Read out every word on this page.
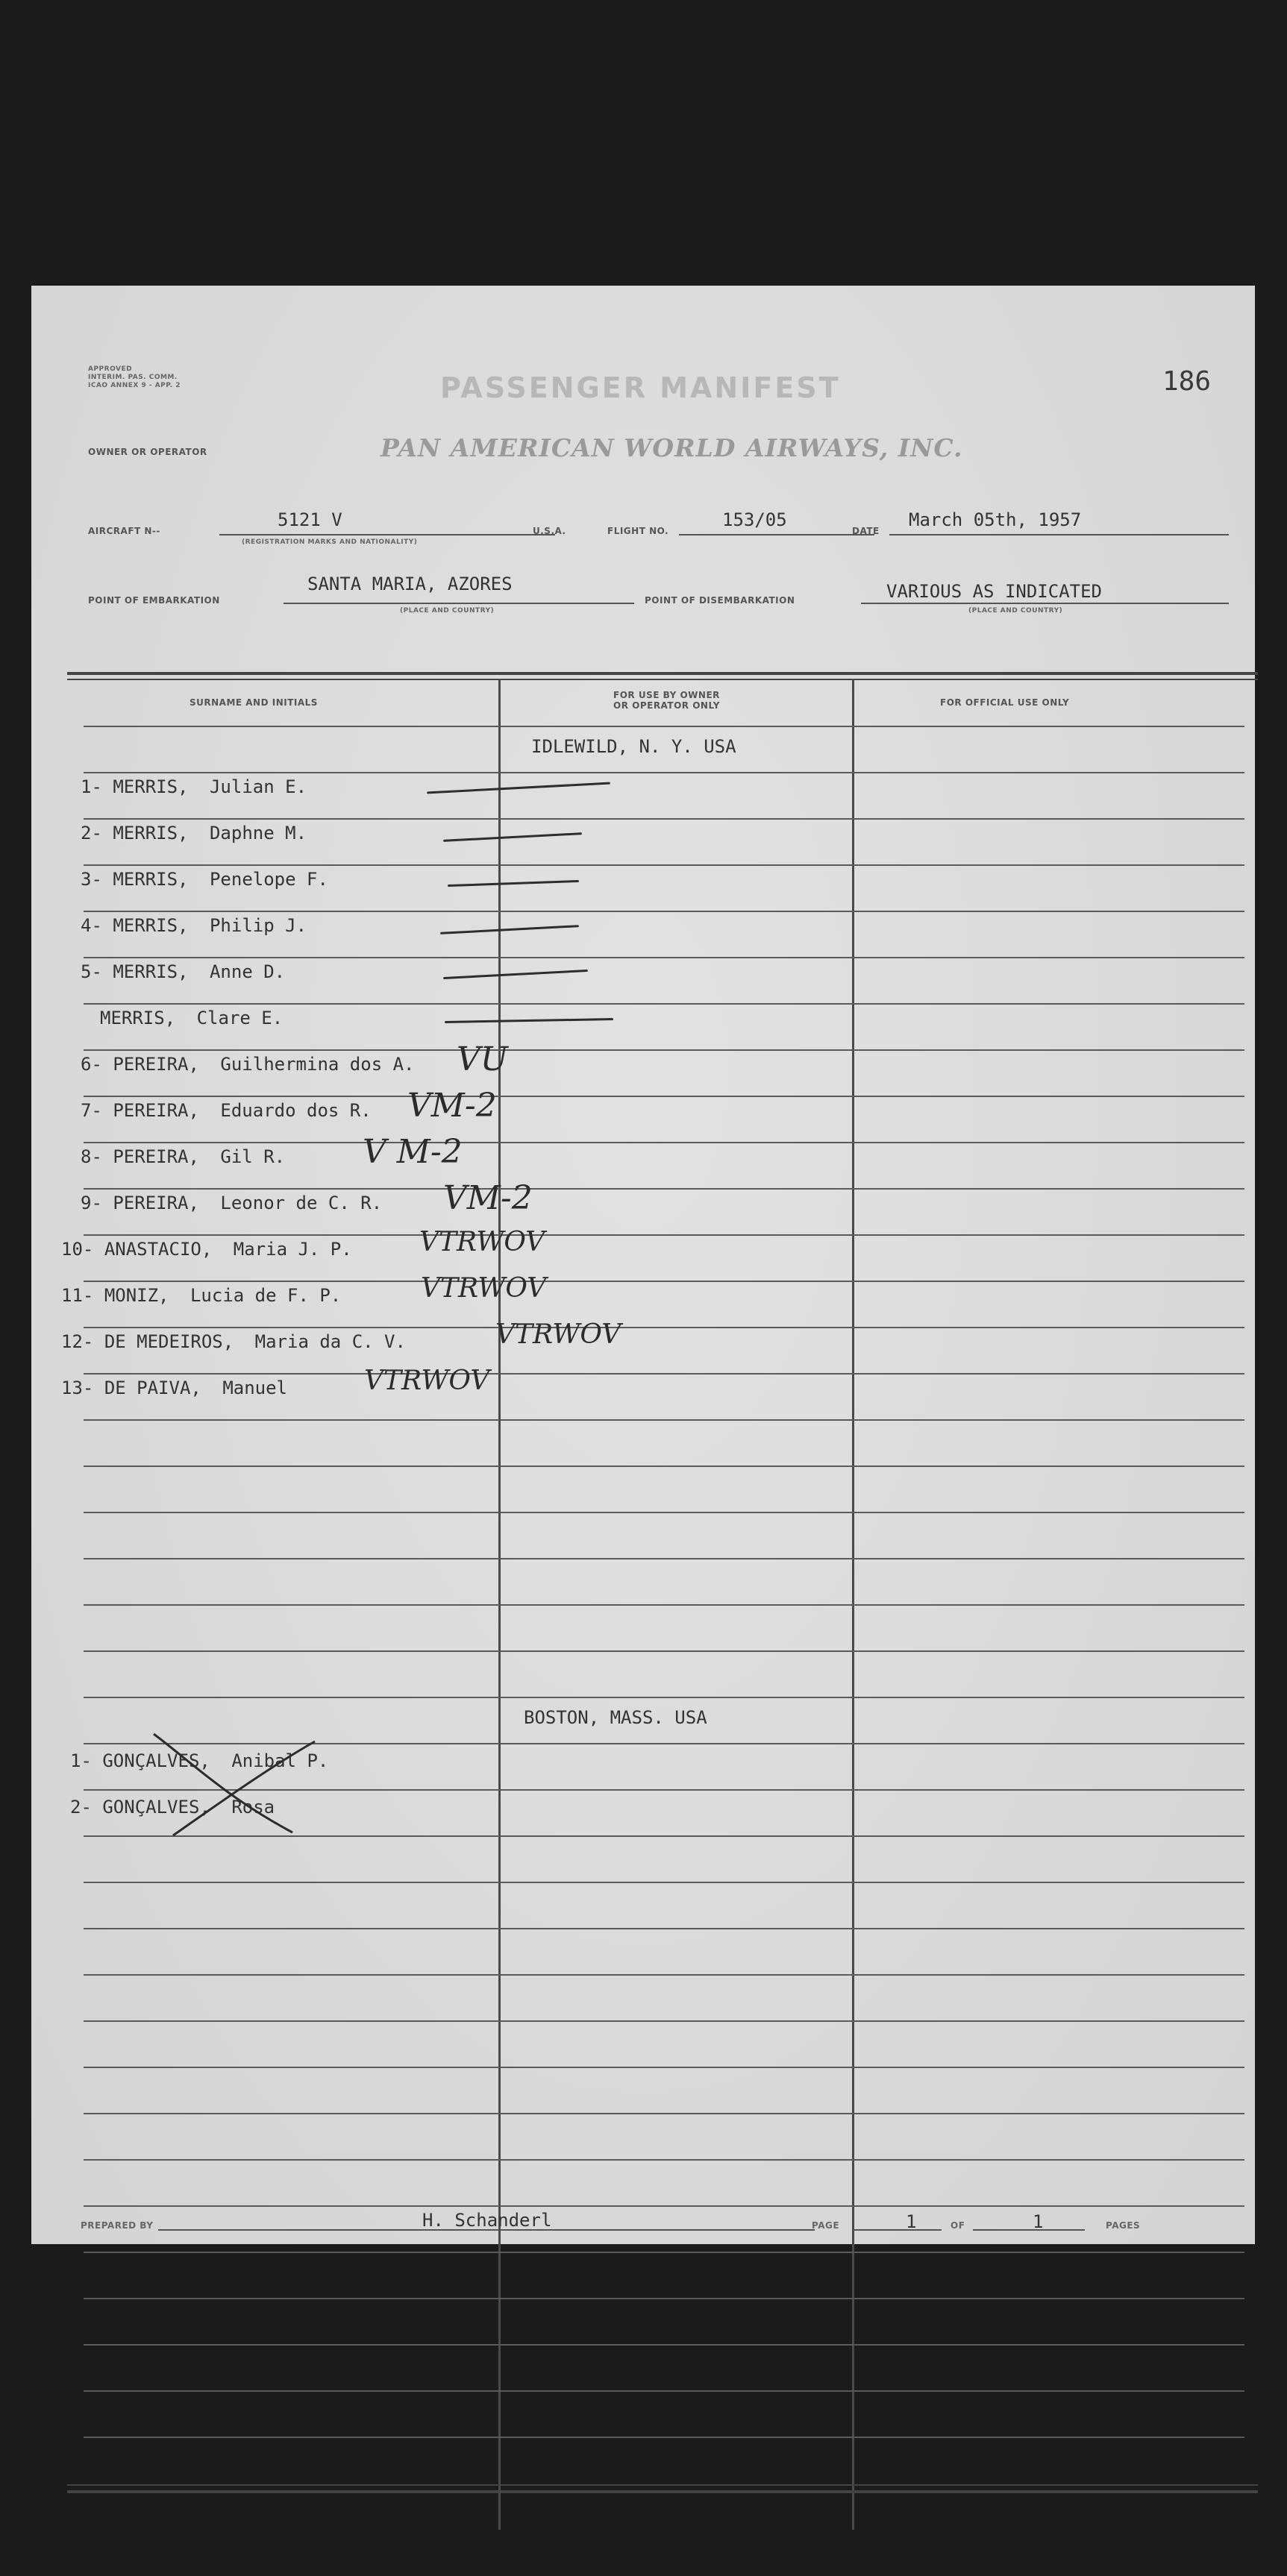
186
APPROVED
INTERIM. PAS. COMM.
ICAO ANNEX 9 - APP. 2	PASSENGER MANIFEST
OWNER OR OPERATOR	PAN AMERICAN WORLD AIRWAYS, INC.
AIRCRAFT N--
5121 V
(REGISTRATION MARKS AND NATIONALITY)
U.S.A.	FLIGHT NO.
153/05
DATE
March 05th, 1957
POINT OF EMBARKATION
SANTA MARIA, AZORES
(PLACE AND COUNTRY)
POINT OF DISEMBARKATION	VARIOUS AS INDICATED
(PLACE AND COUNTRY)
SURNAME AND INITIALS
FOR USE BY OWNER
OR OPERATOR ONLY	FOR OFFICIAL USE ONLY
IDLEWILD, N. Y. USA
1- MERRIS, Julian E.
2- MERRIS, Daphne M.
3- MERRIS, Penelope F.
4- MERRIS, Philip J.
5- MERRIS, Anne D.
MERRIS, Clare E.
6- PEREIRA, Guilhermina dos A. VU
7- PEREIRA, Eduardo dos R. VM-2
8- PEREIRA, Gil R. V M-2
9- PEREIRA, Leonor de C. R. VM-2
10- ANASTACIO, Maria J. P.	VTRWOV
11- MONIZ, Lucia de F. P.	VTRWOV
12- DE MEDEIROS, Maria da C. V.	VTRWOV
13- DE PAIVA, Manuel	VTRWOV
BOSTON, MASS. USA
1- GONÇALVES, Anibal P.
2- GONÇALVES, Rosa
PREPARED BY	H. Schanderl	PAGE	1	OF	1	PAGES
